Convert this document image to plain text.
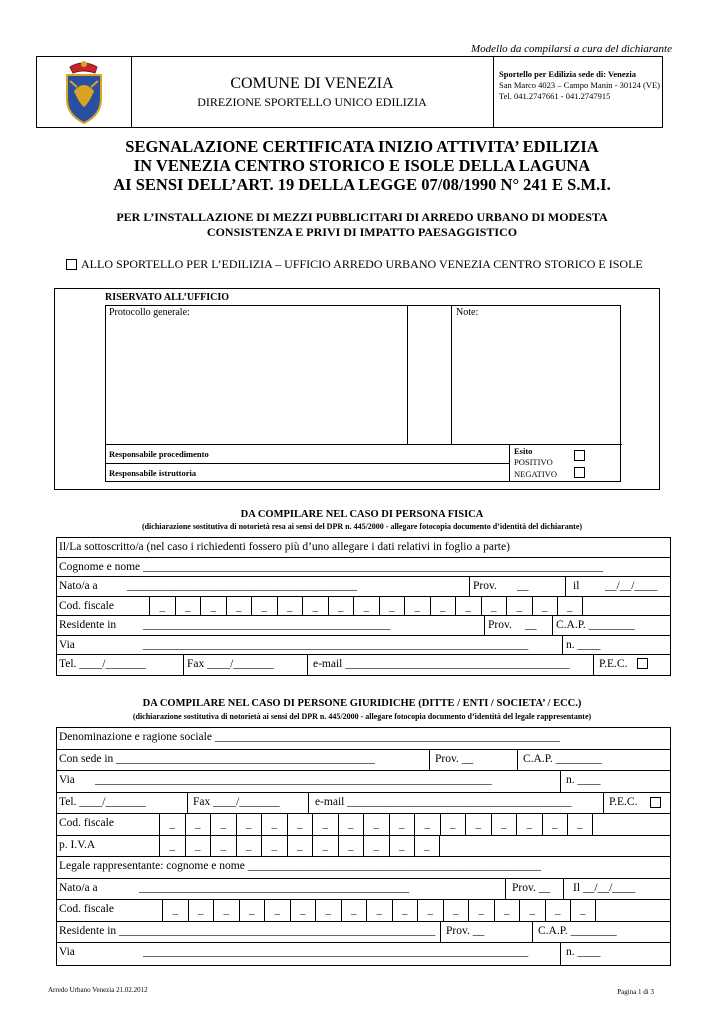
Modello da compilarsi a cura del dichiarante
COMUNE DI VENEZIA
DIREZIONE SPORTELLO UNICO EDILIZIA
Sportello per Edilizia sede di: Venezia
San Marco 4023 – Campo Manin - 30124 (VE)
Tel. 041.2747661 - 041.2747915
SEGNALAZIONE CERTIFICATA INIZIO ATTIVITA’ EDILIZIA
IN VENEZIA CENTRO STORICO E ISOLE DELLA LAGUNA
AI SENSI DELL’ART. 19 DELLA LEGGE 07/08/1990 N° 241 E S.M.I.
PER L’INSTALLAZIONE DI MEZZI PUBBLICITARI DI ARREDO URBANO DI MODESTA
CONSISTENZA E PRIVI DI IMPATTO PAESAGGISTICO
ALLO SPORTELLO PER L’EDILIZIA – UFFICIO ARREDO URBANO VENEZIA CENTRO STORICO E ISOLE
Protocollo generale:	Note:
Responsabile procedimento
Responsabile istruttoria
Esito
POSITIVO
NEGATIVO
RISERVATO ALL’UFFICIO
DA COMPILARE NEL CASO DI PERSONA FISICA
(dichiarazione sostitutiva di notorietà resa ai sensi del DPR n. 445/2000 - allegare fotocopia documento d’identità del dichiarante)
Il/La sottoscritto/a (nel caso i richiedenti fossero più d’uno allegare i dati relativi in foglio a parte)
Cognome e nome ________________________________________________________________________________
Nato/a a	________________________________________	Prov. __	il __/__/____
Cod. fiscale	_	_	_	_	_	_	_	_	_	_	_	_	_	_	_	_	_
Residente in ___________________________________________	Prov. __ C.A.P. ________
Via	___________________________________________________________________	n. ____
Tel. ____/_______	Fax ____/_______	e-mail _______________________________________	P.E.C.
DA COMPILARE NEL CASO DI PERSONE GIURIDICHE (DITTE / ENTI / SOCIETA’ / ECC.)
(dichiarazione sostitutiva di notorietà ai sensi del DPR n. 445/2000 - allegare fotocopia documento d’identità del legale rappresentante)
Denominazione e ragione sociale ____________________________________________________________
Con sede in _____________________________________________	Prov. __	C.A.P. ________
Via _____________________________________________________________________	n. ____
Tel. ____/_______	Fax ____/_______	e-mail _______________________________________	P.E.C.
Cod. fiscale	_	_	_	_	_	_	_	_	_	_	_	_	_	_	_	_	_
p. I.V.A	_	_	_	_	_	_	_	_	_	_	_
Legale rappresentante: cognome e nome ___________________________________________________
Nato/a a	_______________________________________________	Prov. __ Il __/__/____
Cod. fiscale	_	_	_	_	_	_	_	_	_	_	_	_	_	_	_	_	_
Residente in _______________________________________________________ Prov. __	C.A.P. ________
Via	___________________________________________________________________	n. ____
Arredo Urbano Venezia 21.02.2012	Pagina 1 di 3
